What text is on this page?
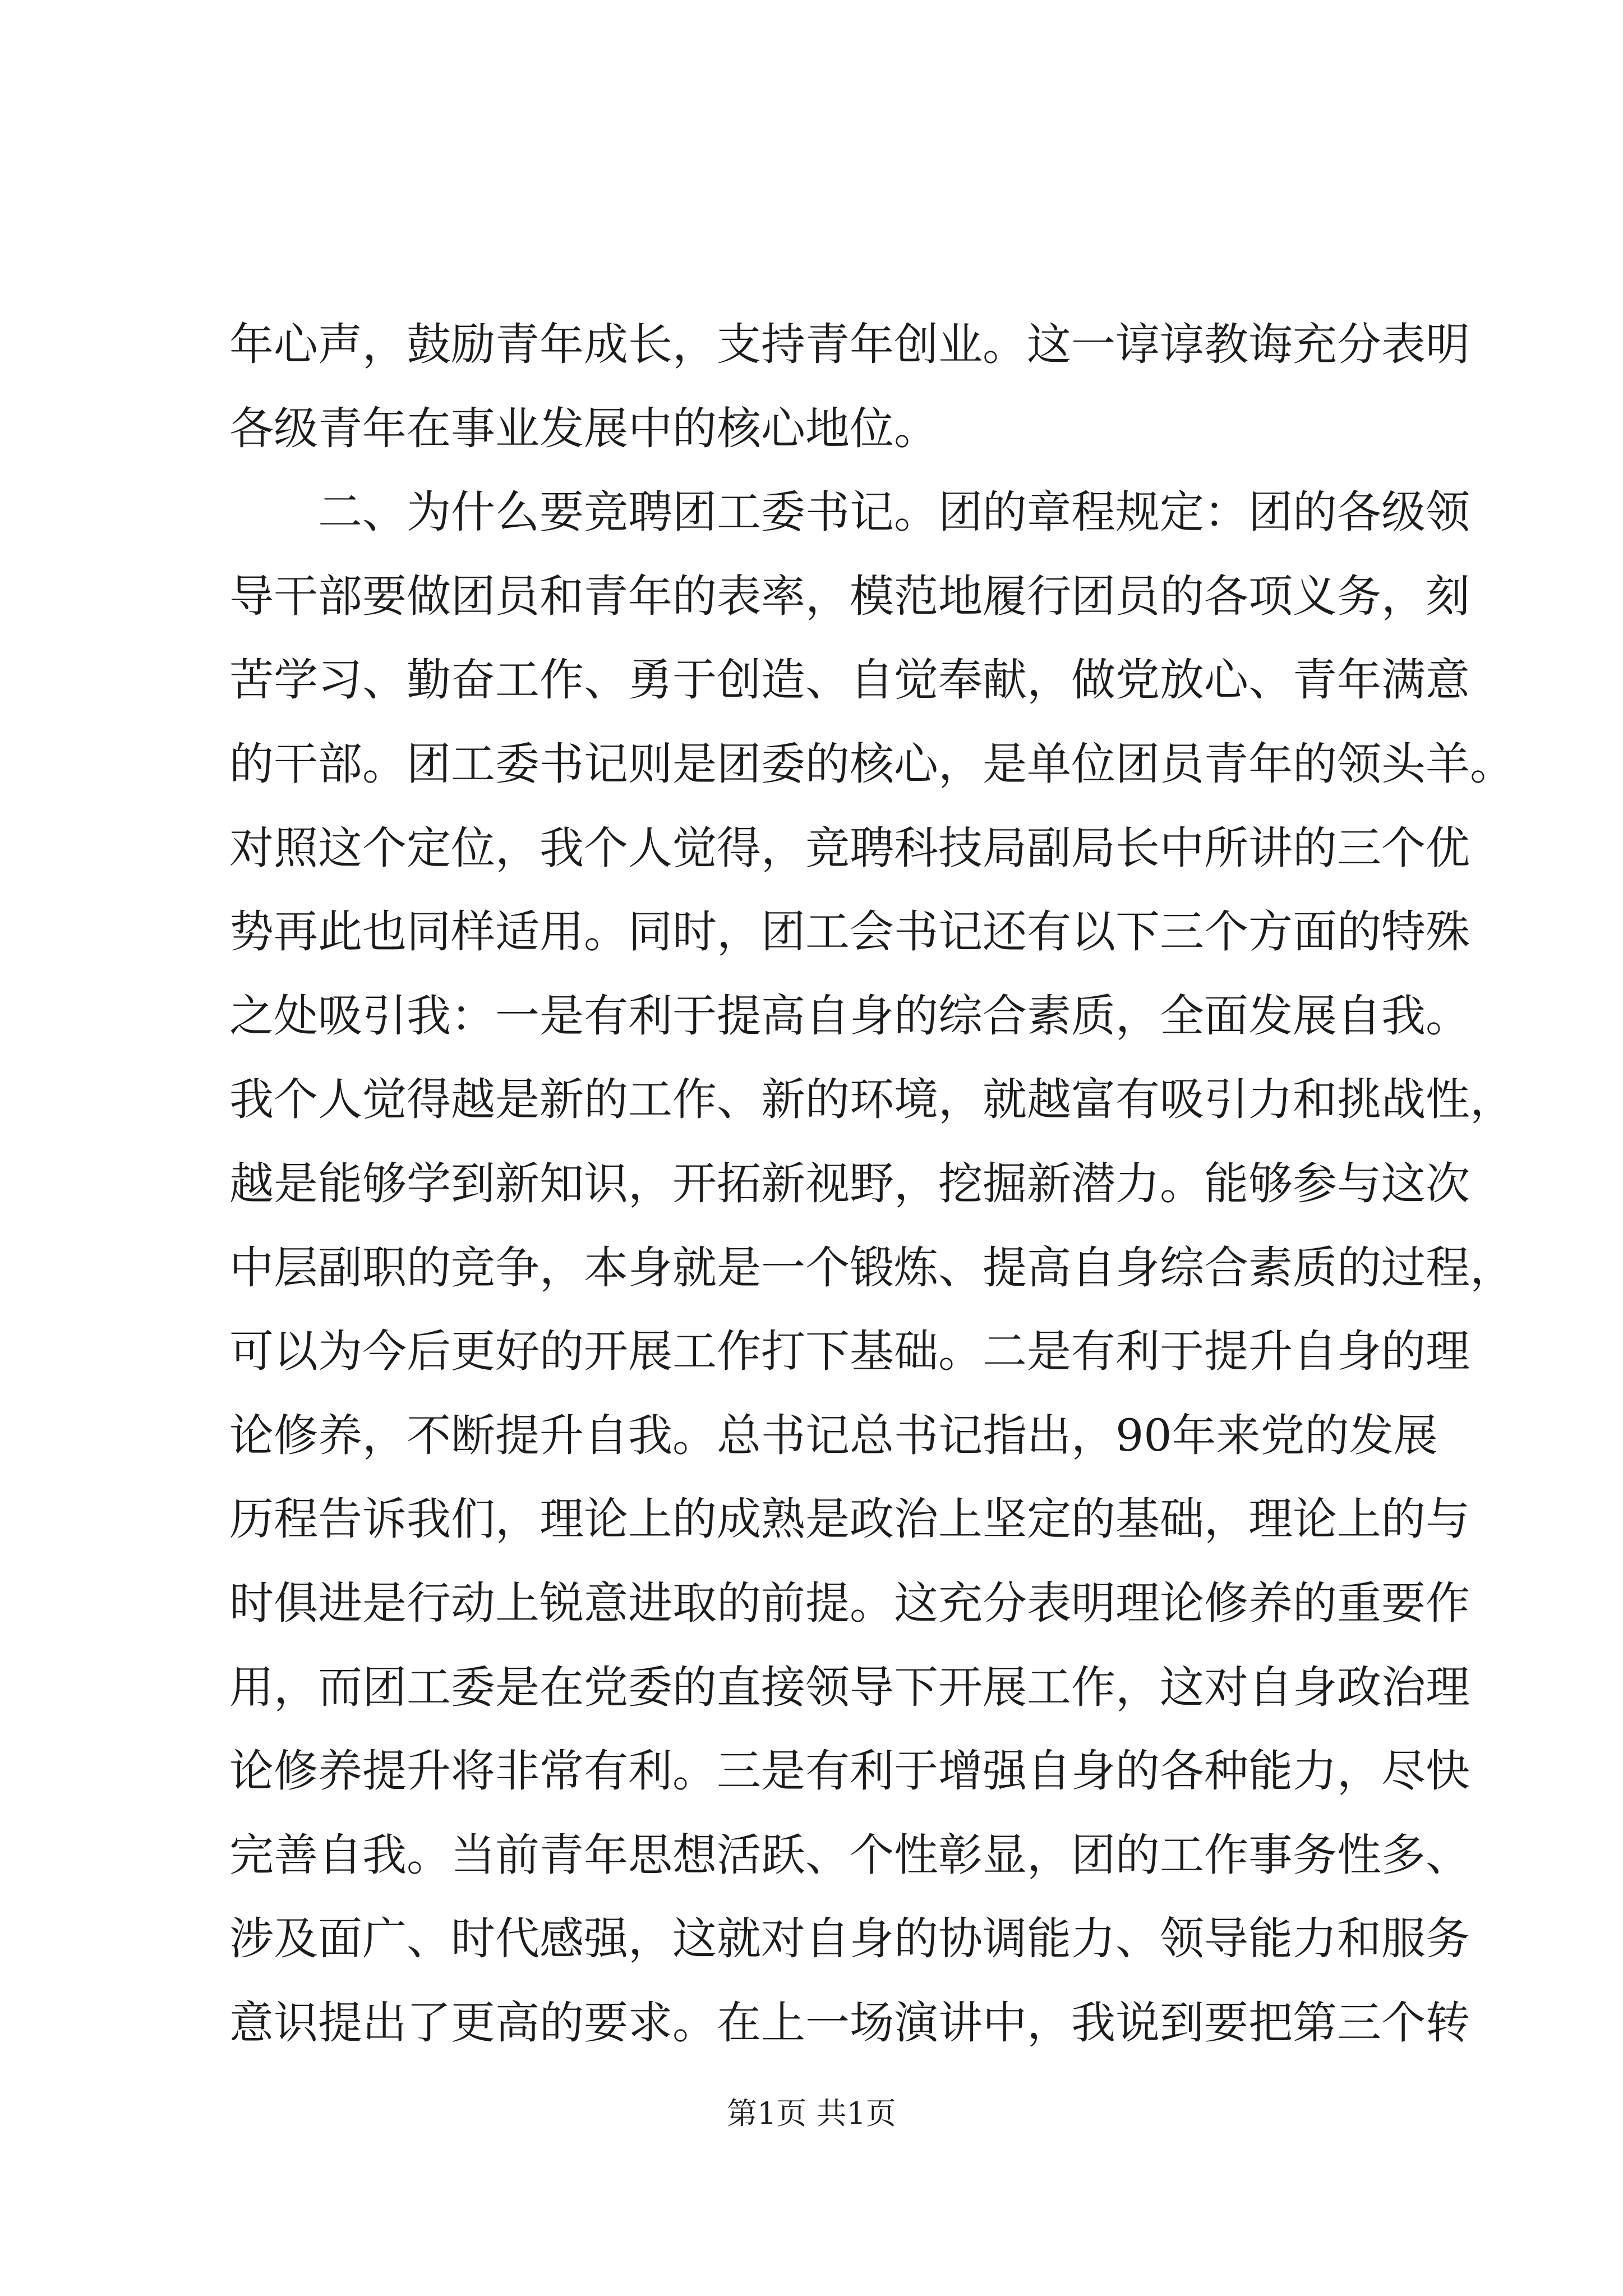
年心声，鼓励青年成长，支持青年创业。这一谆谆教诲充分表明
各级青年在事业发展中的核心地位。
二、为什么要竞聘团工委书记。团的章程规定：团的各级领
导干部要做团员和青年的表率，模范地履行团员的各项义务，刻
苦学习、勤奋工作、勇于创造、自觉奉献，做党放心、青年满意
的干部。团工委书记则是团委的核心，是单位团员青年的领头羊。
对照这个定位，我个人觉得，竞聘科技局副局长中所讲的三个优
势再此也同样适用。同时，团工会书记还有以下三个方面的特殊
之处吸引我：一是有利于提高自身的综合素质，全面发展自我。
我个人觉得越是新的工作、新的环境，就越富有吸引力和挑战性，
越是能够学到新知识，开拓新视野，挖掘新潜力。能够参与这次
中层副职的竞争，本身就是一个锻炼、提高自身综合素质的过程，
可以为今后更好的开展工作打下基础。二是有利于提升自身的理
论修养，不断提升自我。总书记总书记指出，90年来党的发展
历程告诉我们，理论上的成熟是政治上坚定的基础，理论上的与
时俱进是行动上锐意进取的前提。这充分表明理论修养的重要作
用，而团工委是在党委的直接领导下开展工作，这对自身政治理
论修养提升将非常有利。三是有利于增强自身的各种能力，尽快
完善自我。当前青年思想活跃、个性彰显，团的工作事务性多、
涉及面广、时代感强，这就对自身的协调能力、领导能力和服务
意识提出了更高的要求。在上一场演讲中，我说到要把第三个转
第1页 共1页
